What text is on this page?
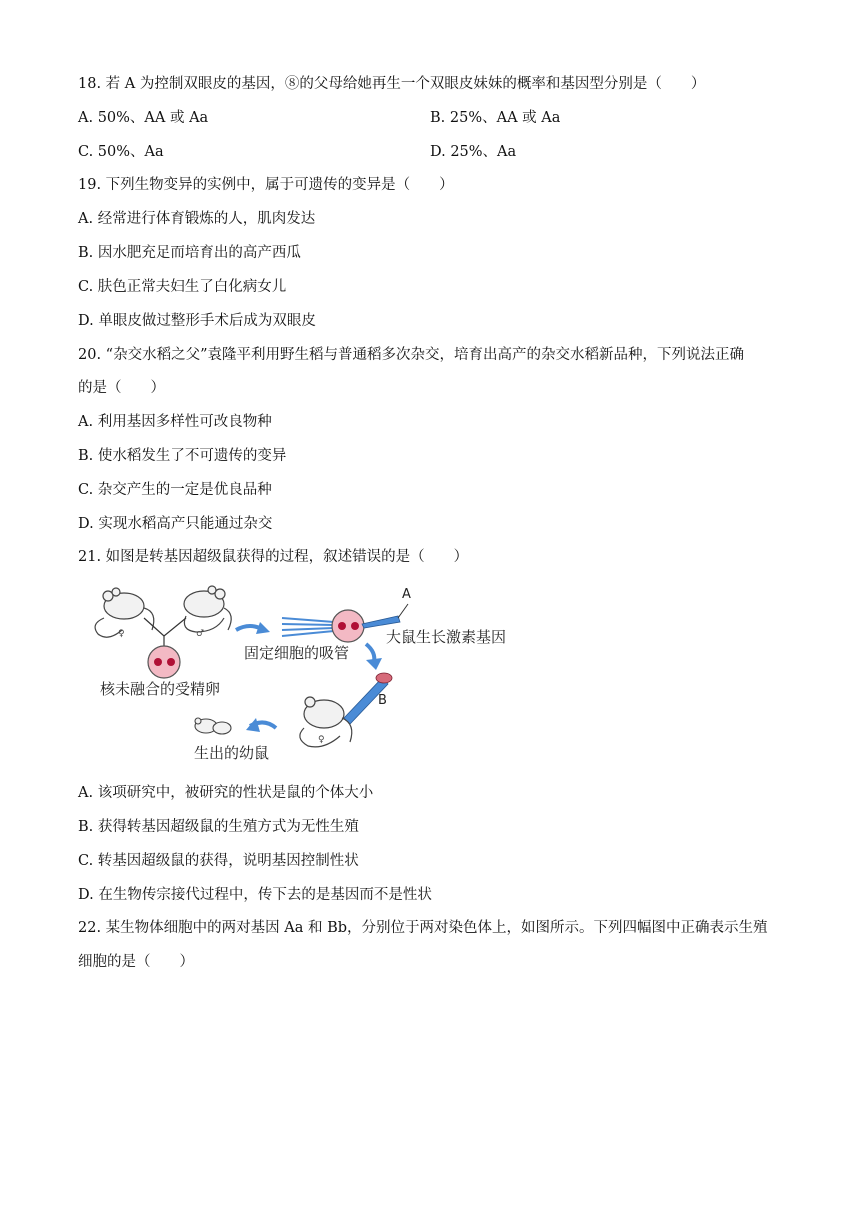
18. 若 A 为控制双眼皮的基因，⑧的父母给她再生一个双眼皮妹妹的概率和基因型分别是（　　）
A. 50%、AA 或 Aa	B. 25%、AA 或 Aa
C. 50%、Aa	D. 25%、Aa
19. 下列生物变异的实例中，属于可遗传的变异是（　　）
A. 经常进行体育锻炼的人，肌肉发达
B. 因水肥充足而培育出的高产西瓜
C. 肤色正常夫妇生了白化病女儿
D. 单眼皮做过整形手术后成为双眼皮
20. “杂交水稻之父”袁隆平利用野生稻与普通稻多次杂交，培育出高产的杂交水稻新品种，下列说法正确
的是（　　）
A. 利用基因多样性可改良物种
B. 使水稻发生了不可遗传的变异
C. 杂交产生的一定是优良品种
D. 实现水稻高产只能通过杂交
21. 如图是转基因超级鼠获得的过程，叙述错误的是（　　）
♀	♂
核未融合的受精卵
A
大鼠生长激素基因
固定细胞的吸管
B
♀
生出的幼鼠
A. 该项研究中，被研究的性状是鼠的个体大小
B. 获得转基因超级鼠的生殖方式为无性生殖
C. 转基因超级鼠的获得，说明基因控制性状
D. 在生物传宗接代过程中，传下去的是基因而不是性状
22. 某生物体细胞中的两对基因 Aa 和 Bb，分别位于两对染色体上，如图所示。下列四幅图中正确表示生殖
细胞的是（　　）
